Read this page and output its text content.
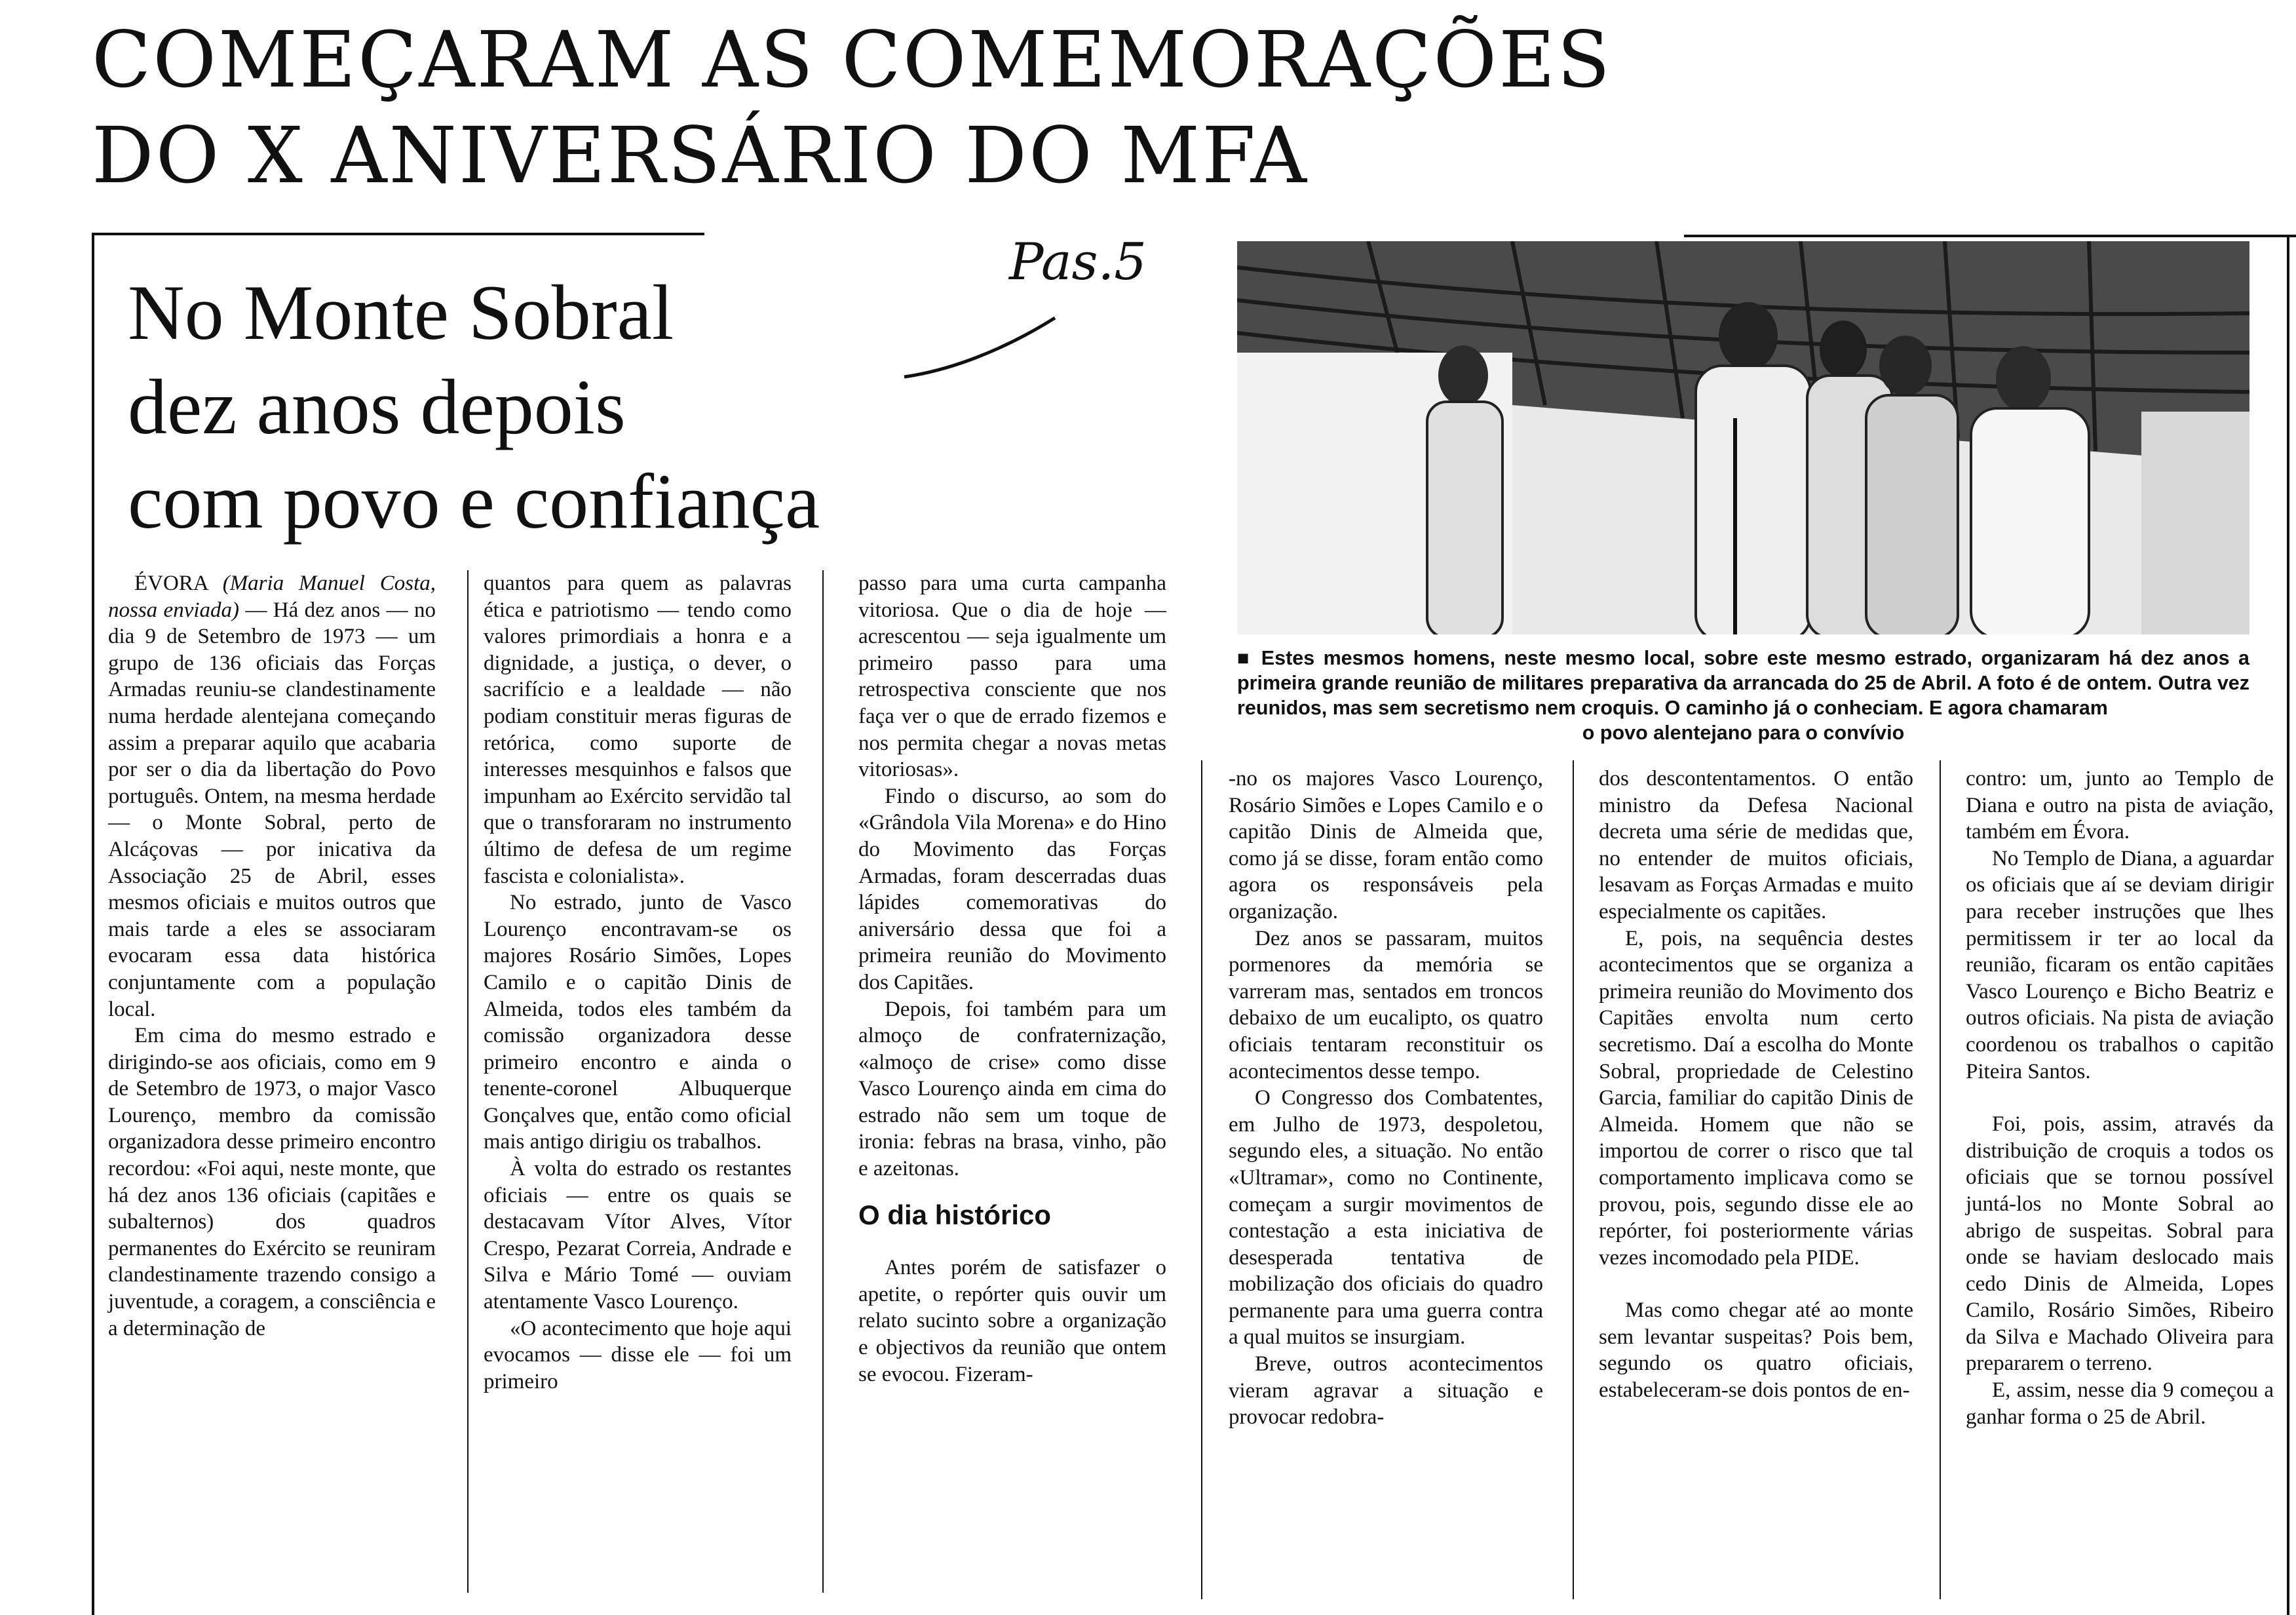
COMEÇARAM AS COMEMORAÇÕES
DO X ANIVERSÁRIO DO MFA
No Monte Sobral
dez anos depois
com povo e confiança
Pas.5
■ Estes mesmos homens, neste mesmo local, sobre este mesmo estrado, organizaram há dez anos a primeira grande reunião de militares preparativa da arrancada do 25 de Abril. A foto é de ontem. Outra vez reunidos, mas sem secretismo nem croquis. O caminho já o conheciam. E agora chamaram
o povo alentejano para o convívio

ÉVORA (Maria Manuel Costa, nossa enviada) — Há dez anos — no dia 9 de Setembro de 1973 — um grupo de 136 oficiais das Forças Armadas reuniu-se clandestinamente numa herdade alentejana começando assim a preparar aquilo que acabaria por ser o dia da libertação do Povo português. Ontem, na mesma herdade — o Monte Sobral, perto de Alcáçovas — por inicativa da Associação 25 de Abril, esses mesmos oficiais e muitos outros que mais tarde a eles se associaram evocaram essa data histórica conjuntamente com a população local.

Em cima do mesmo estrado e dirigindo-se aos oficiais, como em 9 de Setembro de 1973, o major Vasco Lourenço, membro da comissão organizadora desse primeiro encontro recordou: «Foi aqui, neste monte, que há dez anos 136 oficiais (capitães e subalternos) dos quadros permanentes do Exército se reuniram clandestinamente trazendo consigo a juventude, a coragem, a consciência e a determinação de

quantos para quem as palavras ética e patriotismo — tendo como valores primordiais a honra e a dignidade, a justiça, o dever, o sacrifício e a lealdade — não podiam constituir meras figuras de retórica, como suporte de interesses mesquinhos e falsos que impunham ao Exército servidão tal que o transforaram no instrumento último de defesa de um regime fascista e colonialista».

No estrado, junto de Vasco Lourenço encontravam-se os majores Rosário Simões, Lopes Camilo e o capitão Dinis de Almeida, todos eles também da comissão organizadora desse primeiro encontro e ainda o tenente-coronel Albuquerque Gonçalves que, então como oficial mais antigo dirigiu os trabalhos.

À volta do estrado os restantes oficiais — entre os quais se destacavam Vítor Alves, Vítor Crespo, Pezarat Correia, Andrade e Silva e Mário Tomé — ouviam atentamente Vasco Lourenço.

«O acontecimento que hoje aqui evocamos — disse ele — foi um primeiro

passo para uma curta campanha vitoriosa. Que o dia de hoje — acrescentou — seja igualmente um primeiro passo para uma retrospectiva consciente que nos faça ver o que de errado fizemos e nos permita chegar a novas metas vitoriosas».

Findo o discurso, ao som do «Grândola Vila Morena» e do Hino do Movimento das Forças Armadas, foram descerradas duas lápides comemorativas do aniversário dessa que foi a primeira reunião do Movimento dos Capitães.

Depois, foi também para um almoço de confraternização, «almoço de crise» como disse Vasco Lourenço ainda em cima do estrado não sem um toque de ironia: febras na brasa, vinho, pão e azeitonas.

O dia histórico

Antes porém de satisfazer o apetite, o repórter quis ouvir um relato sucinto sobre a organização e objectivos da reunião que ontem se evocou. Fizeram-

-no os majores Vasco Lourenço, Rosário Simões e Lopes Camilo e o capitão Dinis de Almeida que, como já se disse, foram então como agora os responsáveis pela organização.

Dez anos se passaram, muitos pormenores da memória se varreram mas, sentados em troncos debaixo de um eucalipto, os quatro oficiais tentaram reconstituir os acontecimentos desse tempo.

O Congresso dos Combatentes, em Julho de 1973, despoletou, segundo eles, a situação. No então «Ultramar», como no Continente, começam a surgir movimentos de contestação a esta iniciativa de desesperada tentativa de mobilização dos oficiais do quadro permanente para uma guerra contra a qual muitos se insurgiam.

Breve, outros acontecimentos vieram agravar a situação e provocar redobra-

dos descontentamentos. O então ministro da Defesa Nacional decreta uma série de medidas que, no entender de muitos oficiais, lesavam as Forças Armadas e muito especialmente os capitães.

E, pois, na sequência destes acontecimentos que se organiza a primeira reunião do Movimento dos Capitães envolta num certo secretismo. Daí a escolha do Monte Sobral, propriedade de Celestino Garcia, familiar do capitão Dinis de Almeida. Homem que não se importou de correr o risco que tal comportamento implicava como se provou, pois, segundo disse ele ao repórter, foi posteriormente várias vezes incomodado pela PIDE.

Mas como chegar até ao monte sem levantar suspeitas? Pois bem, segundo os quatro oficiais, estabeleceram-se dois pontos de en-

contro: um, junto ao Templo de Diana e outro na pista de aviação, também em Évora.

No Templo de Diana, a aguardar os oficiais que aí se deviam dirigir para receber instruções que lhes permitissem ir ter ao local da reunião, ficaram os então capitães Vasco Lourenço e Bicho Beatriz e outros oficiais. Na pista de aviação coordenou os trabalhos o capitão Piteira Santos.

Foi, pois, assim, através da distribuição de croquis a todos os oficiais que se tornou possível juntá-los no Monte Sobral ao abrigo de suspeitas. Sobral para onde se haviam deslocado mais cedo Dinis de Almeida, Lopes Camilo, Rosário Simões, Ribeiro da Silva e Machado Oliveira para prepararem o terreno.

E, assim, nesse dia 9 começou a ganhar forma o 25 de Abril.
